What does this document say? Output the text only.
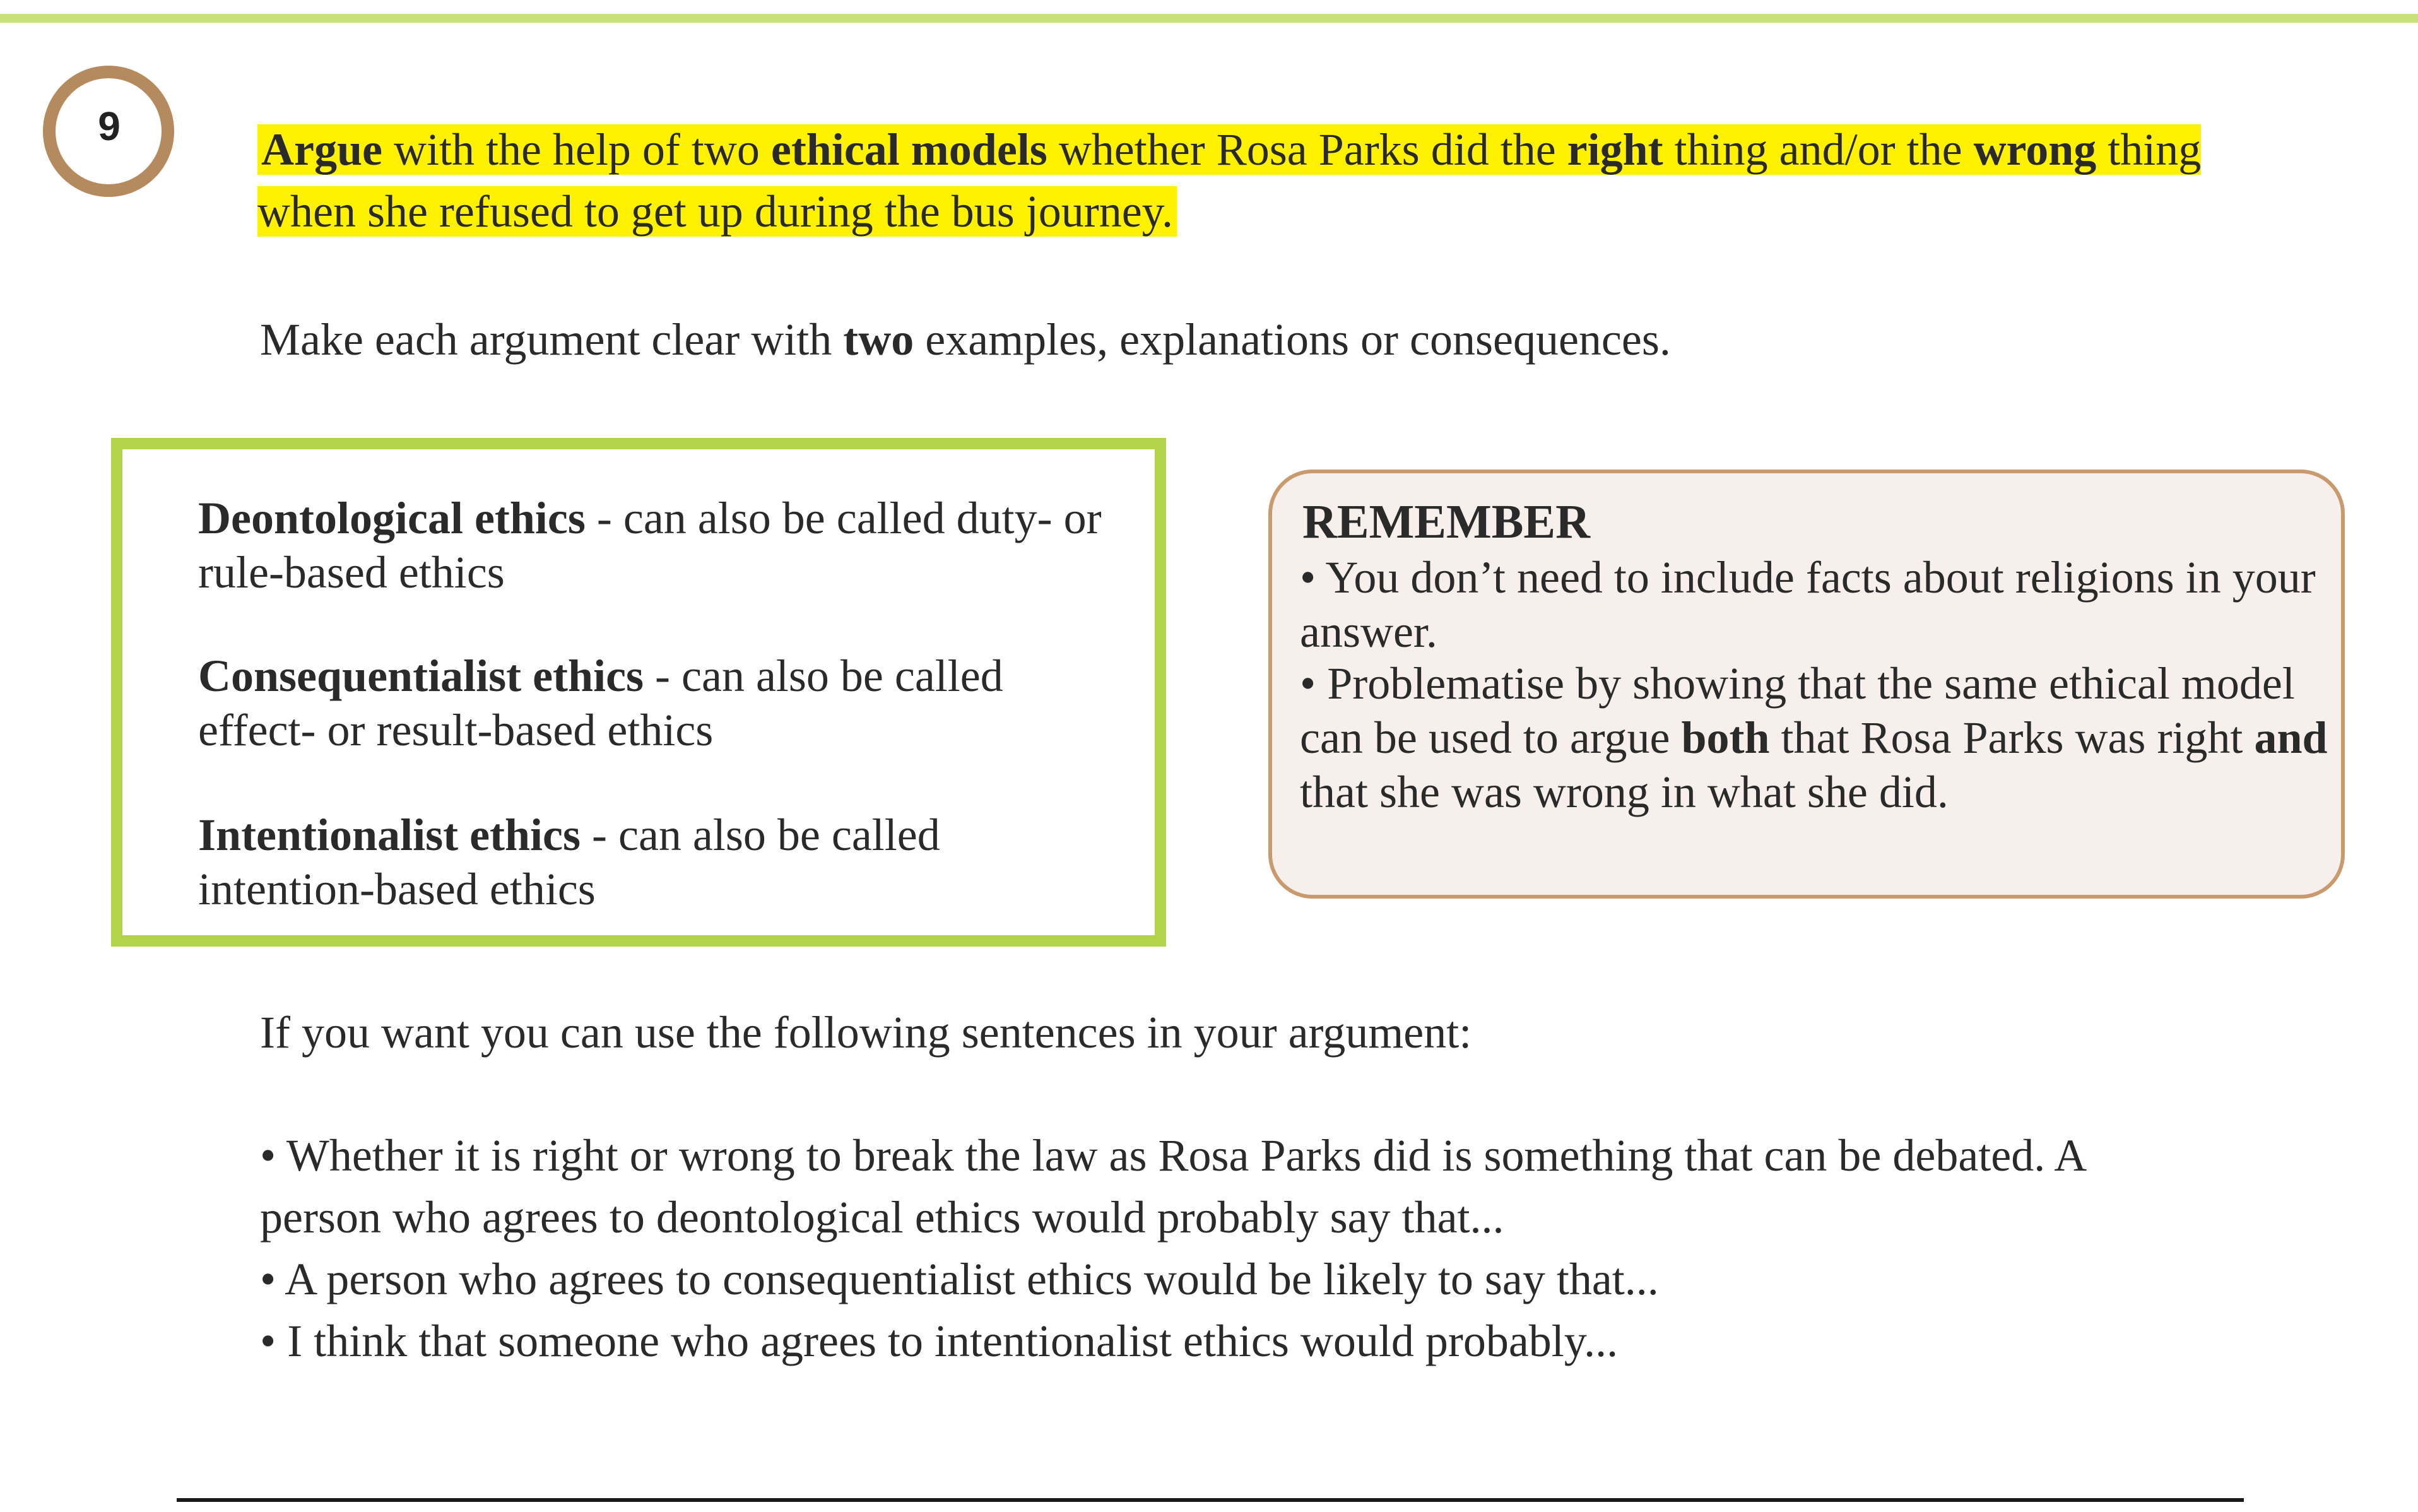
9	Argue with the help of two ethical models whether Rosa Parks did the right thing and/or the wrong thing when she refused to get up during the bus journey.
Make each argument clear with two examples, explanations or consequences.
Deontological ethics - can also be called duty- or rule-based ethics
Consequentialist ethics - can also be called effect- or result-based ethics
Intentionalist ethics - can also be called intention-based ethics
REMEMBER
• You don’t need to include facts about religions in your answer.
• Problematise by showing that the same ethical model can be used to argue both that Rosa Parks was right and that she was wrong in what she did.
If you want you can use the following sentences in your argument:
• Whether it is right or wrong to break the law as Rosa Parks did is something that can be debated. A person who agrees to deontological ethics would probably say that...
• A person who agrees to consequentialist ethics would be likely to say that...
• I think that someone who agrees to intentionalist ethics would probably...
